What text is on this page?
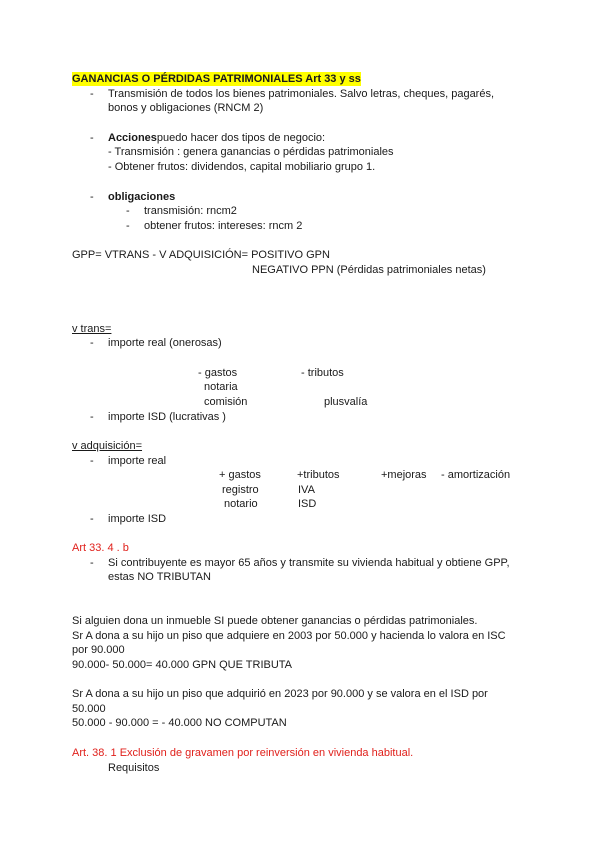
GANANCIAS O PÉRDIDAS PATRIMONIALES Art 33 y ss
- Transmisión de todos los bienes patrimoniales. Salvo letras, cheques, pagarés,
bonos y obligaciones (RNCM 2)
- Accionespuedo hacer dos tipos de negocio:
- Transmisión : genera ganancias o pérdidas patrimoniales
- Obtener frutos: dividendos, capital mobiliario grupo 1.
- obligaciones
- transmisión: rncm2
- obtener frutos: intereses: rncm 2
GPP= VTRANS - V ADQUISICIÓN= POSITIVO GPN
NEGATIVO PPN (Pérdidas patrimoniales netas)
v trans=
- importe real (onerosas)
- gastos	- tributos
notaria
comisión	plusvalía
- importe ISD (lucrativas )
v adquisición=
- importe real
+ gastos	+tributos	+mejoras - amortización
registro	IVA
notario	ISD
- importe ISD
Art 33. 4 . b
- Si contribuyente es mayor 65 años y transmite su vivienda habitual y obtiene GPP,
estas NO TRIBUTAN
Si alguien dona un inmueble SI puede obtener ganancias o pérdidas patrimoniales.
Sr A dona a su hijo un piso que adquiere en 2003 por 50.000 y hacienda lo valora en ISC
por 90.000
90.000- 50.000= 40.000 GPN QUE TRIBUTA
Sr A dona a su hijo un piso que adquirió en 2023 por 90.000 y se valora en el ISD por
50.000
50.000 - 90.000 = - 40.000 NO COMPUTAN
Art. 38. 1 Exclusión de gravamen por reinversión en vivienda habitual.
Requisitos
